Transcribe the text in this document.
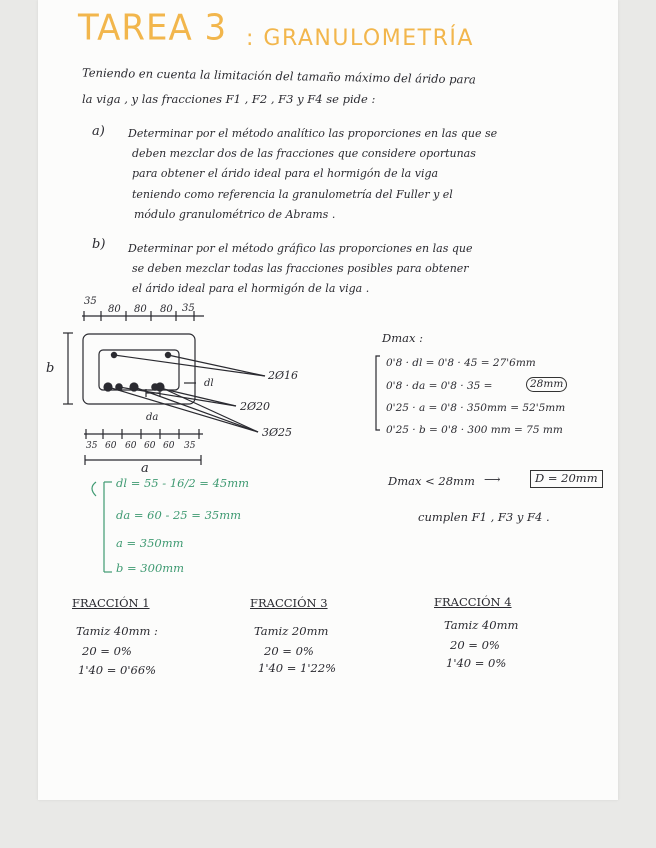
TAREA 3 : GRANULOMETRÍA
Teniendo en cuenta la limitación del tamaño máximo del árido para
la viga , y las fracciones F1 , F2 , F3 y F4 se pide :
a) Determinar por el método analítico las proporciones en las que se
deben mezclar dos de las fracciones que considere oportunas
para obtener el árido ideal para el hormigón de la viga
teniendo como referencia la granulometría del Fuller y el
módulo granulométrico de Abrams .
b) Determinar por el método gráfico las proporciones en las que
se deben mezclar todas las fracciones posibles para obtener
el árido ideal para el hormigón de la viga .
35
80 80 80 35
b
dl
da
2Ø16
2Ø20
3Ø25
35 60 60 60 60 35
a
Dmax :
0'8 · dl = 0'8 · 45 = 27'6mm
0'8 · da = 0'8 · 35 =	28mm
0'25 · a = 0'8 · 350mm = 52'5mm
0'25 · b = 0'8 · 300 mm = 75 mm
Dmax < 28mm ⟶	D = 20mm
cumplen F1 , F3 y F4 .
dl = 55 - 16/2 = 45mm
da = 60 - 25 = 35mm
a = 350mm
b = 300mm
FRACCIÓN 1
Tamiz 40mm :
20 = 0%
1'40 = 0'66%
FRACCIÓN 3
Tamiz 20mm
20 = 0%
1'40 = 1'22%
FRACCIÓN 4
Tamiz 40mm
20 = 0%
1'40 = 0%
